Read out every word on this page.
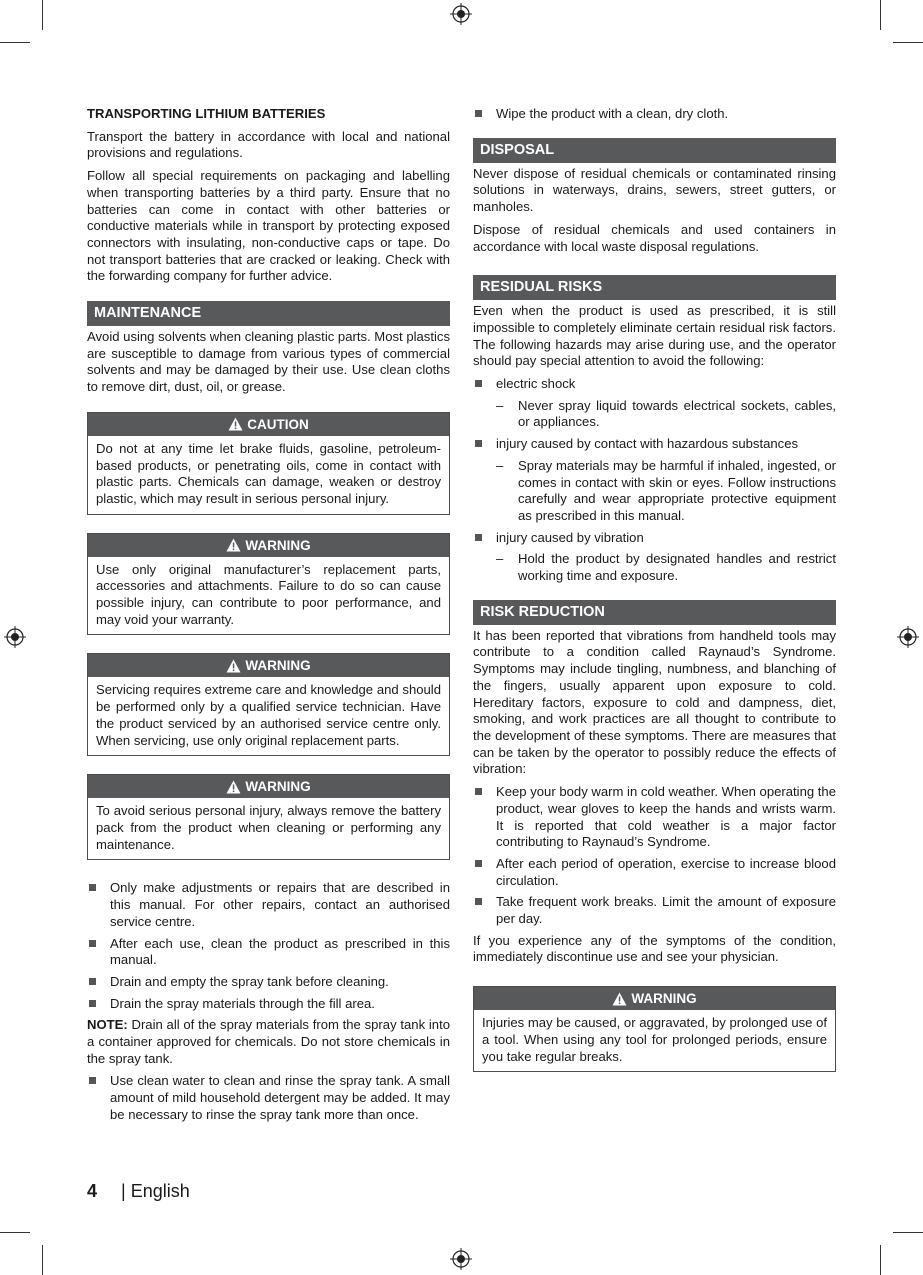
TRANSPORTING LITHIUM BATTERIES

Transport the battery in accordance with local and national provisions and regulations.

Follow all special requirements on packaging and labelling when transporting batteries by a third party. Ensure that no batteries can come in contact with other batteries or conductive materials while in transport by protecting exposed connectors with insulating, non-conductive caps or tape. Do not transport batteries that are cracked or leaking. Check with the forwarding company for further advice.

MAINTENANCE

Avoid using solvents when cleaning plastic parts. Most plastics are susceptible to damage from various types of commercial solvents and may be damaged by their use. Use clean cloths to remove dirt, dust, oil, or grease.

CAUTION
Do not at any time let brake fluids, gasoline, petroleum-based products, or penetrating oils, come in contact with plastic parts. Chemicals can damage, weaken or destroy plastic, which may result in serious personal injury.
WARNING
Use only original manufacturer’s replacement parts, accessories and attachments. Failure to do so can cause possible injury, can contribute to poor performance, and may void your warranty.
WARNING
Servicing requires extreme care and knowledge and should be performed only by a qualified service technician. Have the product serviced by an authorised service centre only. When servicing, use only original replacement parts.
WARNING
To avoid serious personal injury, always remove the battery pack from the product when cleaning or performing any maintenance.
Only make adjustments or repairs that are described in this manual. For other repairs, contact an authorised service centre.
After each use, clean the product as prescribed in this manual.
Drain and empty the spray tank before cleaning.
Drain the spray materials through the fill area.

NOTE: Drain all of the spray materials from the spray tank into a container approved for chemicals. Do not store chemicals in the spray tank.

Use clean water to clean and rinse the spray tank. A small amount of mild household detergent may be added. It may be necessary to rinse the spray tank more than once.
Wipe the product with a clean, dry cloth.
DISPOSAL

Never dispose of residual chemicals or contaminated rinsing solutions in waterways, drains, sewers, street gutters, or manholes.

Dispose of residual chemicals and used containers in accordance with local waste disposal regulations.

RESIDUAL RISKS

Even when the product is used as prescribed, it is still impossible to completely eliminate certain residual risk factors. The following hazards may arise during use, and the operator should pay special attention to avoid the following:

electric shock
– Never spray liquid towards electrical sockets, cables, or appliances.
injury caused by contact with hazardous substances
– Spray materials may be harmful if inhaled, ingested, or comes in contact with skin or eyes. Follow instructions carefully and wear appropriate protective equipment as prescribed in this manual.
injury caused by vibration
– Hold the product by designated handles and restrict working time and exposure.
RISK REDUCTION

It has been reported that vibrations from handheld tools may contribute to a condition called Raynaud’s Syndrome. Symptoms may include tingling, numbness, and blanching of the fingers, usually apparent upon exposure to cold. Hereditary factors, exposure to cold and dampness, diet, smoking, and work practices are all thought to contribute to the development of these symptoms. There are measures that can be taken by the operator to possibly reduce the effects of vibration:

Keep your body warm in cold weather. When operating the product, wear gloves to keep the hands and wrists warm. It is reported that cold weather is a major factor contributing to Raynaud’s Syndrome.
After each period of operation, exercise to increase blood circulation.
Take frequent work breaks. Limit the amount of exposure per day.

If you experience any of the symptoms of the condition, immediately discontinue use and see your physician.

WARNING
Injuries may be caused, or aggravated, by prolonged use of a tool. When using any tool for prolonged periods, ensure you take regular breaks.
4 | English
